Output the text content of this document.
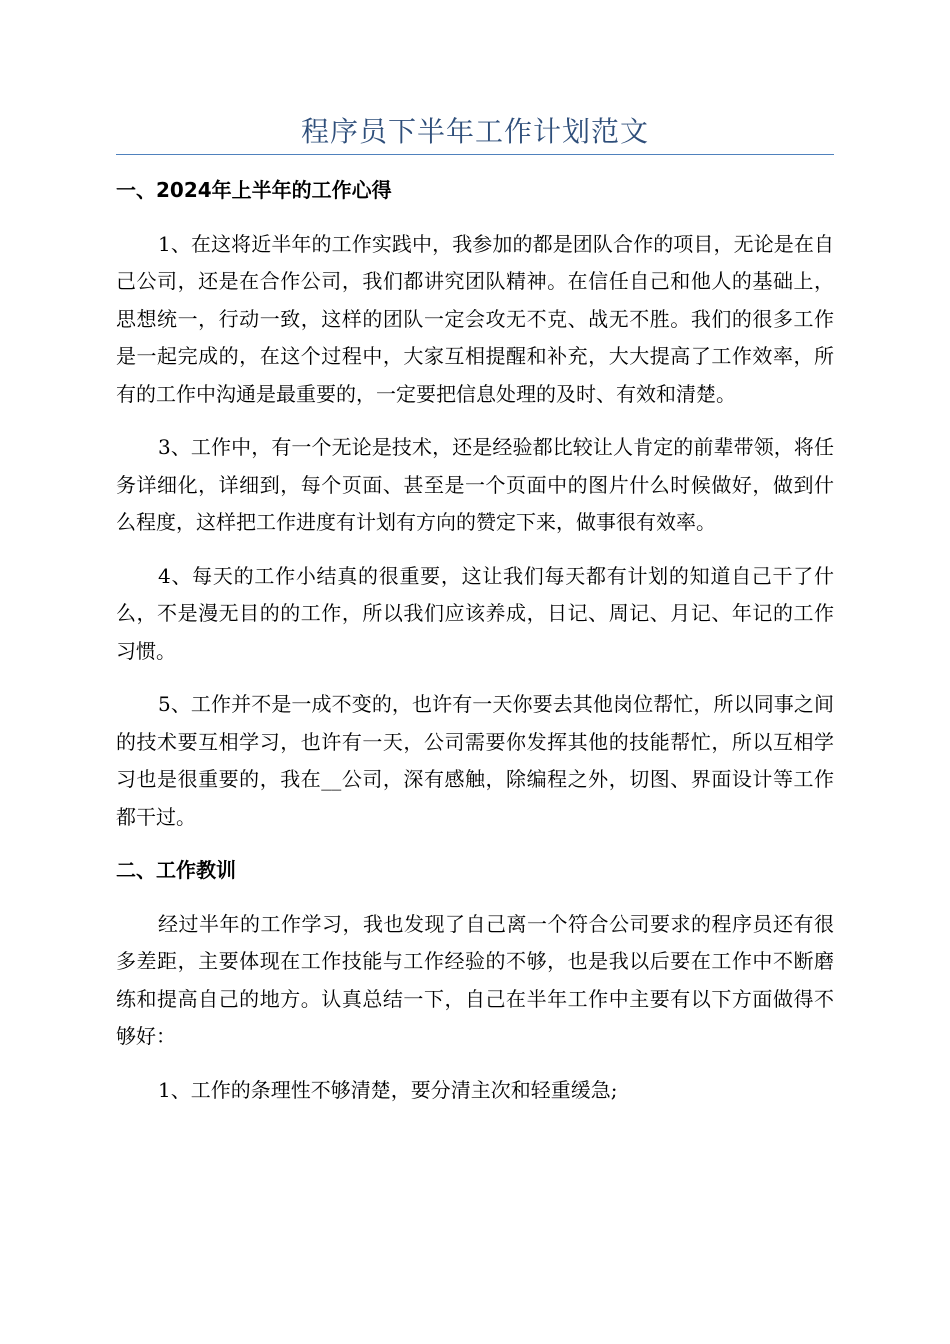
程序员下半年工作计划范文
一、2024年上半年的工作心得

1、在这将近半年的工作实践中，我参加的都是团队合作的项目，无论是在自己公司，还是在合作公司，我们都讲究团队精神。在信任自己和他人的基础上，思想统一，行动一致，这样的团队一定会攻无不克、战无不胜。我们的很多工作是一起完成的，在这个过程中，大家互相提醒和补充，大大提高了工作效率，所有的工作中沟通是最重要的，一定要把信息处理的及时、有效和清楚。

3、工作中，有一个无论是技术，还是经验都比较让人肯定的前辈带领，将任务详细化，详细到，每个页面、甚至是一个页面中的图片什么时候做好，做到什么程度，这样把工作进度有计划有方向的赞定下来，做事很有效率。

4、每天的工作小结真的很重要，这让我们每天都有计划的知道自己干了什么，不是漫无目的的工作，所以我们应该养成，日记、周记、月记、年记的工作习惯。

5、工作并不是一成不变的，也许有一天你要去其他岗位帮忙，所以同事之间的技术要互相学习，也许有一天，公司需要你发挥其他的技能帮忙，所以互相学习也是很重要的，我在__公司，深有感触，除编程之外，切图、界面设计等工作都干过。

二、工作教训

经过半年的工作学习，我也发现了自己离一个符合公司要求的程序员还有很多差距，主要体现在工作技能与工作经验的不够，也是我以后要在工作中不断磨练和提高自己的地方。认真总结一下，自己在半年工作中主要有以下方面做得不够好：

1、工作的条理性不够清楚，要分清主次和轻重缓急;
